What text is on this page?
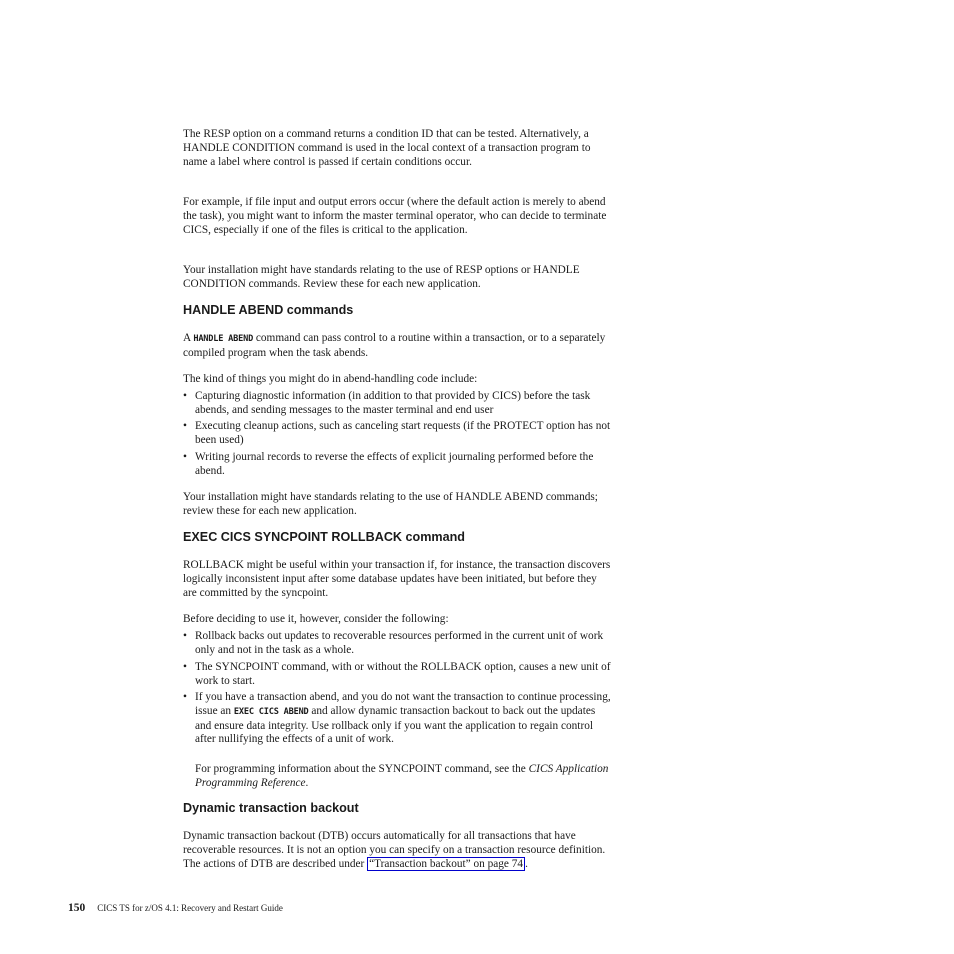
The RESP option on a command returns a condition ID that can be tested. Alternatively, a HANDLE CONDITION command is used in the local context of a transaction program to name a label where control is passed if certain conditions occur.

For example, if file input and output errors occur (where the default action is merely to abend the task), you might want to inform the master terminal operator, who can decide to terminate CICS, especially if one of the files is critical to the application.

Your installation might have standards relating to the use of RESP options or HANDLE CONDITION commands. Review these for each new application.

HANDLE ABEND commands

A HANDLE ABEND command can pass control to a routine within a transaction, or to a separately compiled program when the task abends.

The kind of things you might do in abend-handling code include:

• Capturing diagnostic information (in addition to that provided by CICS) before the task abends, and sending messages to the master terminal and end user
• Executing cleanup actions, such as canceling start requests (if the PROTECT option has not been used)
• Writing journal records to reverse the effects of explicit journaling performed before the abend.

Your installation might have standards relating to the use of HANDLE ABEND commands; review these for each new application.

EXEC CICS SYNCPOINT ROLLBACK command

ROLLBACK might be useful within your transaction if, for instance, the transaction discovers logically inconsistent input after some database updates have been initiated, but before they are committed by the syncpoint.

Before deciding to use it, however, consider the following:

• Rollback backs out updates to recoverable resources performed in the current unit of work only and not in the task as a whole.
• The SYNCPOINT command, with or without the ROLLBACK option, causes a new unit of work to start.
• If you have a transaction abend, and you do not want the transaction to continue processing, issue an EXEC CICS ABEND and allow dynamic transaction backout to back out the updates and ensure data integrity. Use rollback only if you want the application to regain control after nullifying the effects of a unit of work.

For programming information about the SYNCPOINT command, see the CICS Application Programming Reference.

Dynamic transaction backout

Dynamic transaction backout (DTB) occurs automatically for all transactions that have recoverable resources. It is not an option you can specify on a transaction resource definition. The actions of DTB are described under “Transaction backout” on page 74 .

150 CICS TS for z/OS 4.1: Recovery and Restart Guide
